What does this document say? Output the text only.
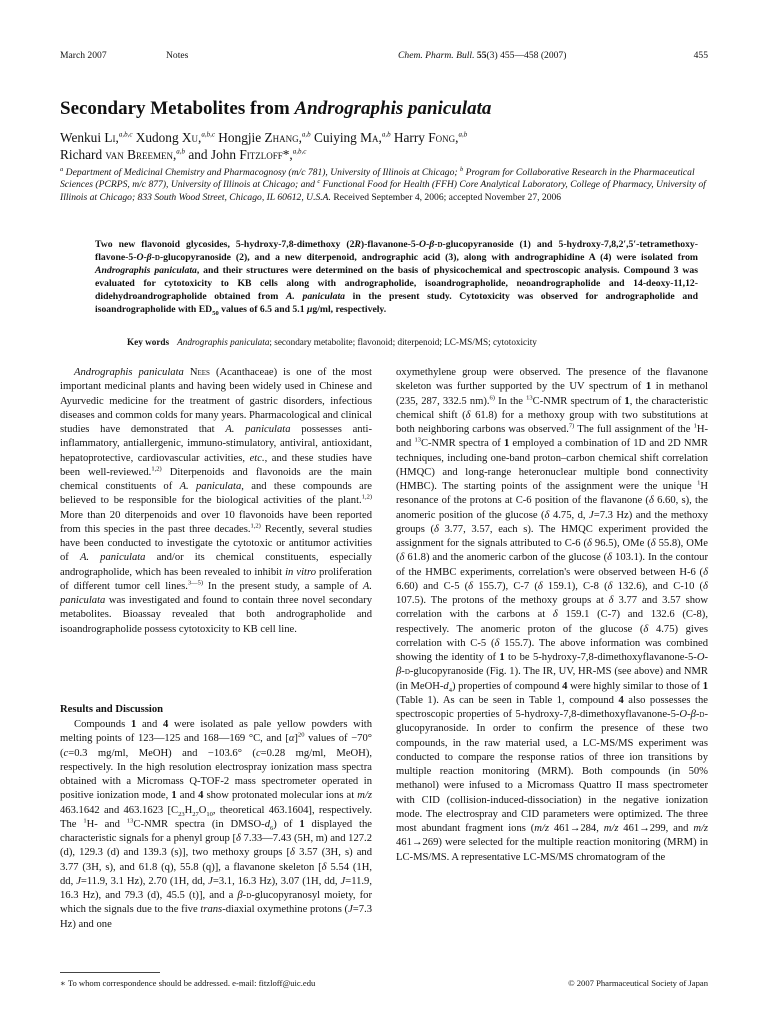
March 2007	Notes	Chem. Pharm. Bull. 55(3) 455—458 (2007)	455
Secondary Metabolites from Andrographis paniculata
Wenkui Li,$^{a,b,c}$ Xudong Xu,$^{a,b,c}$ Hongjie Zhang,$^{a,b}$ Cuiying Ma,$^{a,b}$ Harry Fong,$^{a,b}$
Richard van Breemen,$^{a,b}$ and John Fitzloff*,$^{a,b,c}$
$^a$ Department of Medicinal Chemistry and Pharmacognosy (m/c 781), University of Illinois at Chicago; $^b$ Program for Collaborative Research in the Pharmaceutical Sciences (PCRPS, m/c 877), University of Illinois at Chicago; and $^c$ Functional Food for Health (FFH) Core Analytical Laboratory, College of Pharmacy, University of Illinois at Chicago; 833 South Wood Street, Chicago, IL 60612, U.S.A. Received September 4, 2006; accepted November 27, 2006
Two new flavonoid glycosides, 5-hydroxy-7,8-dimethoxy (2R)-flavanone-5-O-β-d-glucopyranoside (1) and 5-hydroxy-7,8,2′,5′-tetramethoxy-flavone-5-O-β-d-glucopyranoside (2), and a new diterpenoid, andrographic acid (3), along with andrographidine A (4) were isolated from Andrographis paniculata, and their structures were determined on the basis of physicochemical and spectroscopic analysis. Compound 3 was evaluated for cytotoxicity to KB cells along with andrographolide, isoandrographolide, neoandrographolide and 14-deoxy-11,12-didehydroandrographolide obtained from A. paniculata in the present study. Cytotoxicity was observed for andrographolide and isoandrographolide with $ED_{50}$ values of 6.5 and 5.1 μg/ml, respectively.
Key words Andrographis paniculata; secondary metabolite; flavonoid; diterpenoid; LC-MS/MS; cytotoxicity

Andrographis paniculata Nees (Acanthaceae) is one of the most important medicinal plants and having been widely used in Chinese and Ayurvedic medicine for the treatment of gastric disorders, infectious diseases and common colds for many years. Pharmacological and clinical studies have demonstrated that A. paniculata possesses anti-inflammatory, antiallergenic, immuno-stimulatory, antiviral, antioxidant, hepatoprotective, cardiovascular activities, etc., and these studies have been well-reviewed.$^{1,2)}$ Diterpenoids and flavonoids are the main chemical constituents of A. paniculata, and these compounds are believed to be responsible for the biological activities of the plant.$^{1,2)}$ More than 20 diterpenoids and over 10 flavonoids have been reported from this species in the past three decades.$^{1,2)}$ Recently, several studies have been conducted to investigate the cytotoxic or antitumor activities of A. paniculata and/or its chemical constituents, especially andrographolide, which has been revealed to inhibit in vitro proliferation of different tumor cell lines.$^{3—5)}$ In the present study, a sample of A. paniculata was investigated and found to contain three novel secondary metabolites. Bioassay revealed that both andrographolide and isoandrographolide possess cytotoxicity to KB cell line.

Results and Discussion

Compounds 1 and 4 were isolated as pale yellow powders with melting points of 123—125 and 168—169 °C, and $[\alpha]^{20}$ values of −70° (c=0.3 mg/ml, MeOH) and −103.6° (c=0.28 mg/ml, MeOH), respectively. In the high resolution electrospray ionization mass spectra obtained with a Micromass Q-TOF-2 mass spectrometer operated in positive ionization mode, 1 and 4 show protonated molecular ions at m/z 463.1642 and 463.1623 [$C_{23}H_{27}O_{10}$, theoretical 463.1604], respectively. The $^1$H- and $^{13}$C-NMR spectra (in DMSO-$d_6$) of 1 displayed the characteristic signals for a phenyl group [δ 7.33—7.43 (5H, m) and 127.2 (d), 129.3 (d) and 139.3 (s)], two methoxy groups [δ 3.57 (3H, s) and 3.77 (3H, s), and 61.8 (q), 55.8 (q)], a flavanone skeleton [δ 5.54 (1H, dd, J=11.9, 3.1 Hz), 2.70 (1H, dd, J=3.1, 16.3 Hz), 3.07 (1H, dd, J=11.9, 16.3 Hz), and 79.3 (d), 45.5 (t)], and a β-d-glucopyranosyl moiety, for which the signals due to the five trans-diaxial oxymethine protons (J=7.3 Hz) and one

oxymethylene group were observed. The presence of the flavanone skeleton was further supported by the UV spectrum of 1 in methanol (235, 287, 332.5 nm).$^{6)}$ In the $^{13}$C-NMR spectrum of 1, the characteristic chemical shift (δ 61.8) for a methoxy group with two substitutions at both neighboring carbons was observed.$^{7)}$ The full assignment of the $^1$H- and $^{13}$C-NMR spectra of 1 employed a combination of 1D and 2D NMR techniques, including one-band proton–carbon chemical shift correlation (HMQC) and long-range heteronuclear multiple bond connectivity (HMBC). The starting points of the assignment were the unique $^1$H resonance of the protons at C-6 position of the flavanone (δ 6.60, s), the anomeric position of the glucose (δ 4.75, d, J=7.3 Hz) and the methoxy groups (δ 3.77, 3.57, each s). The HMQC experiment provided the assignment for the signals attributed to C-6 (δ 96.5), OMe (δ 55.8), OMe (δ 61.8) and the anomeric carbon of the glucose (δ 103.1). In the contour of the HMBC experiments, correlation's were observed between H-6 (δ 6.60) and C-5 (δ 155.7), C-7 (δ 159.1), C-8 (δ 132.6), and C-10 (δ 107.5). The protons of the methoxy groups at δ 3.77 and 3.57 show correlation with the carbons at δ 159.1 (C-7) and 132.6 (C-8), respectively. The anomeric proton of the glucose (δ 4.75) gives correlation with C-5 (δ 155.7). The above information was combined showing the identity of 1 to be 5-hydroxy-7,8-dimethoxyflavanone-5-O-β-d-glucopyranoside (Fig. 1). The IR, UV, HR-MS (see above) and NMR (in MeOH-$d_4$) properties of compound 4 were highly similar to those of 1 (Table 1). As can be seen in Table 1, compound 4 also possesses the spectroscopic properties of 5-hydroxy-7,8-dimethoxyflavanone-5-O-β-d-glucopyranoside. In order to confirm the presence of these two compounds, in the raw material used, a LC-MS/MS experiment was conducted to compare the response ratios of three ion transitions by multiple reaction monitoring (MRM). Both compounds (in 50% methanol) were infused to a Micromass Quattro II mass spectrometer with CID (collision-induced-dissociation) in the negative ionization mode. The electrospray and CID parameters were optimized. The three most abundant fragment ions (m/z 461→284, m/z 461→299, and m/z 461→269) were selected for the multiple reaction monitoring (MRM) in LC-MS/MS. A representative LC-MS/MS chromatogram of the

∗ To whom correspondence should be addressed. e-mail: fitzloff@uic.edu	© 2007 Pharmaceutical Society of Japan
